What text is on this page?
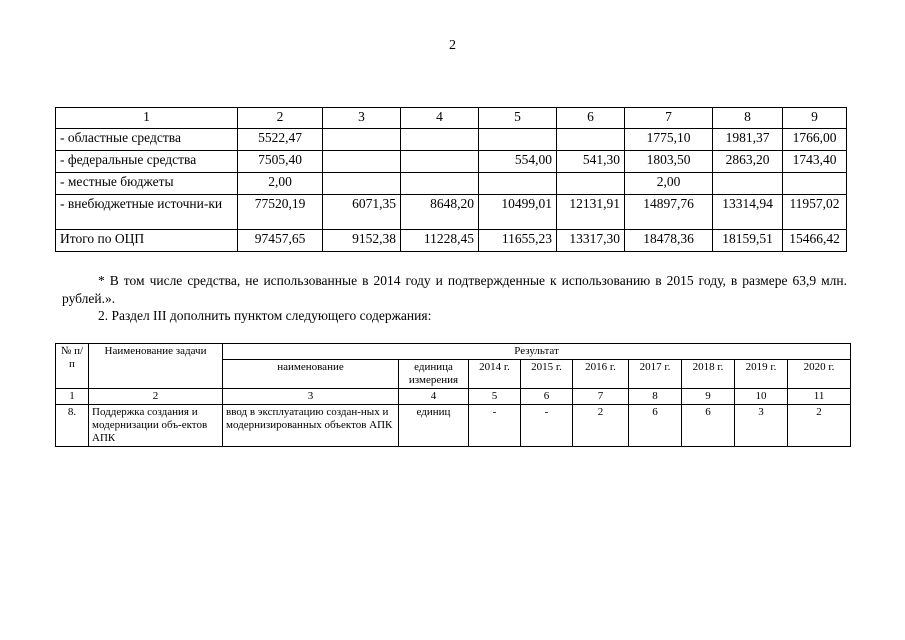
2
1	2	3	4	5	6	7	8	9
- областные средства	5522,47					1775,10	1981,37	1766,00
- федеральные средства	7505,40			554,00	541,30	1803,50	2863,20	1743,40
- местные бюджеты	2,00					2,00		
- внебюджетные источни-ки	77520,19	6071,35	8648,20	10499,01	12131,91	14897,76	13314,94	11957,02
Итого по ОЦП	97457,65	9152,38	11228,45	11655,23	13317,30	18478,36	18159,51	15466,42
* В том числе средства, не использованные в 2014 году и подтвержденные к использованию в 2015 году, в размере 63,9 млн. рублей.».
2. Раздел III дополнить пунктом следующего содержания:
№ п/п	Наименование задачи	Результат								
		наименование	единица измерения	2014 г.	2015 г.	2016 г.	2017 г.	2018 г.	2019 г.	2020 г.
1	2	3	4	5	6	7	8	9	10	11
8.	Поддержка создания и модернизации объ-ектов АПК	ввод в эксплуатацию создан-ных и модернизированных объектов АПК	единиц	-	-	2	6	6	3	2
